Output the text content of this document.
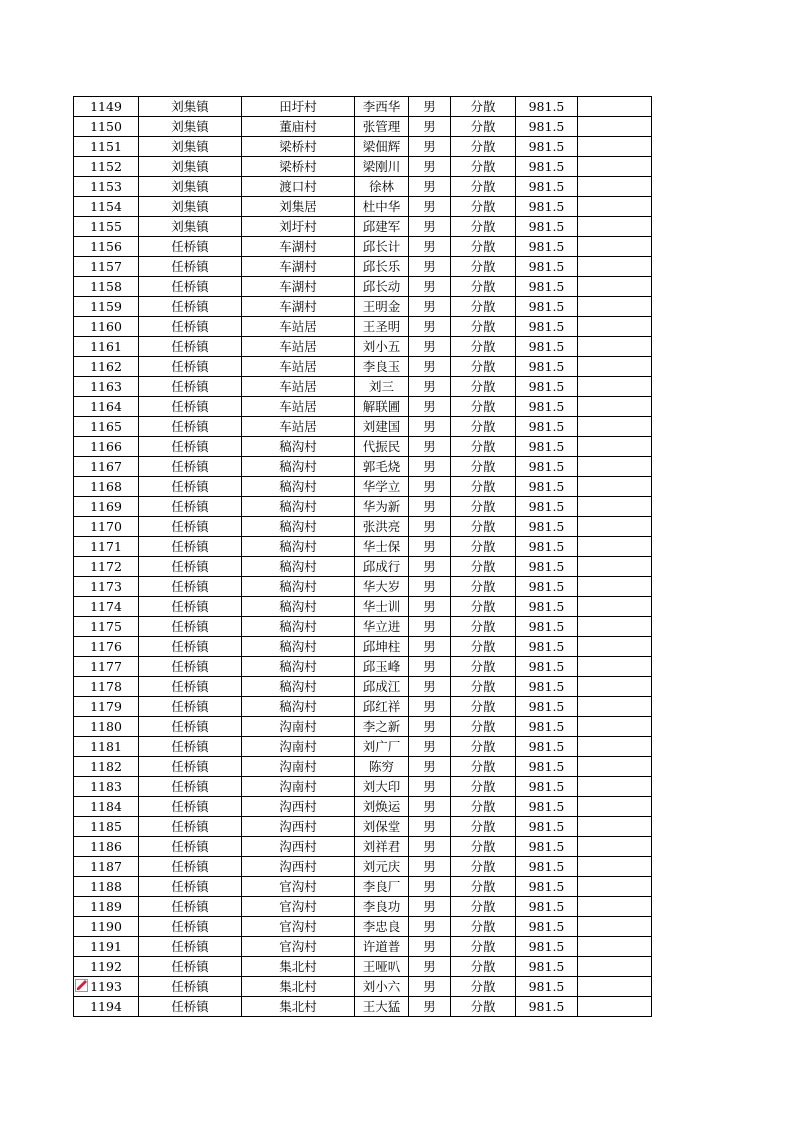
1149	刘集镇	田圩村	李西华	男	分散	981.5	
1150	刘集镇	董庙村	张管理	男	分散	981.5	
1151	刘集镇	梁桥村	梁佃辉	男	分散	981.5	
1152	刘集镇	梁桥村	梁刚川	男	分散	981.5	
1153	刘集镇	渡口村	徐林	男	分散	981.5	
1154	刘集镇	刘集居	杜中华	男	分散	981.5	
1155	刘集镇	刘圩村	邱建军	男	分散	981.5	
1156	任桥镇	车湖村	邱长计	男	分散	981.5	
1157	任桥镇	车湖村	邱长乐	男	分散	981.5	
1158	任桥镇	车湖村	邱长动	男	分散	981.5	
1159	任桥镇	车湖村	王明金	男	分散	981.5	
1160	任桥镇	车站居	王圣明	男	分散	981.5	
1161	任桥镇	车站居	刘小五	男	分散	981.5	
1162	任桥镇	车站居	李良玉	男	分散	981.5	
1163	任桥镇	车站居	刘三	男	分散	981.5	
1164	任桥镇	车站居	解联圃	男	分散	981.5	
1165	任桥镇	车站居	刘建国	男	分散	981.5	
1166	任桥镇	稿沟村	代振民	男	分散	981.5	
1167	任桥镇	稿沟村	郭毛烧	男	分散	981.5	
1168	任桥镇	稿沟村	华学立	男	分散	981.5	
1169	任桥镇	稿沟村	华为新	男	分散	981.5	
1170	任桥镇	稿沟村	张洪亮	男	分散	981.5	
1171	任桥镇	稿沟村	华士保	男	分散	981.5	
1172	任桥镇	稿沟村	邱成行	男	分散	981.5	
1173	任桥镇	稿沟村	华大岁	男	分散	981.5	
1174	任桥镇	稿沟村	华士训	男	分散	981.5	
1175	任桥镇	稿沟村	华立进	男	分散	981.5	
1176	任桥镇	稿沟村	邱坤柱	男	分散	981.5	
1177	任桥镇	稿沟村	邱玉峰	男	分散	981.5	
1178	任桥镇	稿沟村	邱成江	男	分散	981.5	
1179	任桥镇	稿沟村	邱红祥	男	分散	981.5	
1180	任桥镇	沟南村	李之新	男	分散	981.5	
1181	任桥镇	沟南村	刘广厂	男	分散	981.5	
1182	任桥镇	沟南村	陈穷	男	分散	981.5	
1183	任桥镇	沟南村	刘大印	男	分散	981.5	
1184	任桥镇	沟西村	刘焕运	男	分散	981.5	
1185	任桥镇	沟西村	刘保堂	男	分散	981.5	
1186	任桥镇	沟西村	刘祥君	男	分散	981.5	
1187	任桥镇	沟西村	刘元庆	男	分散	981.5	
1188	任桥镇	官沟村	李良厂	男	分散	981.5	
1189	任桥镇	官沟村	李良功	男	分散	981.5	
1190	任桥镇	官沟村	李忠良	男	分散	981.5	
1191	任桥镇	官沟村	许道普	男	分散	981.5	
1192	任桥镇	集北村	王哑叭	男	分散	981.5	
1193	任桥镇	集北村	刘小六	男	分散	981.5	
1194	任桥镇	集北村	王大猛	男	分散	981.5	
